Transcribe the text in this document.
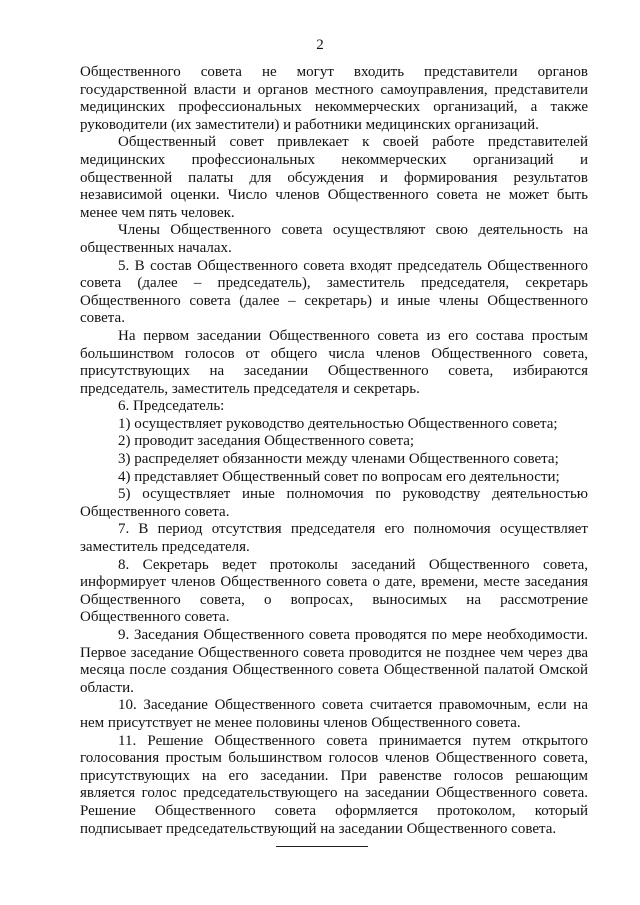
2

Общественного совета не могут входить представители органов государственной власти и органов местного самоуправления, представители медицинских профессиональных некоммерческих организаций, а также руководители (их заместители) и работники медицинских организаций.

Общественный совет привлекает к своей работе представителей медицинских профессиональных некоммерческих организаций и общественной палаты для обсуждения и формирования результатов независимой оценки. Число членов Общественного совета не может быть менее чем пять человек.

Члены Общественного совета осуществляют свою деятельность на общественных началах.

5. В состав Общественного совета входят председатель Общественного совета (далее – председатель), заместитель председателя, секретарь Общественного совета (далее – секретарь) и иные члены Общественного совета.

На первом заседании Общественного совета из его состава простым большинством голосов от общего числа членов Общественного совета, присутствующих на заседании Общественного совета, избираются председатель, заместитель председателя и секретарь.

6. Председатель:

1) осуществляет руководство деятельностью Общественного совета;

2) проводит заседания Общественного совета;

3) распределяет обязанности между членами Общественного совета;

4) представляет Общественный совет по вопросам его деятельности;

5) осуществляет иные полномочия по руководству деятельностью Общественного совета.

7. В период отсутствия председателя его полномочия осуществляет заместитель председателя.

8. Секретарь ведет протоколы заседаний Общественного совета, информирует членов Общественного совета о дате, времени, месте заседания Общественного совета, о вопросах, выносимых на рассмотрение Общественного совета.

9. Заседания Общественного совета проводятся по мере необходимости. Первое заседание Общественного совета проводится не позднее чем через два месяца после создания Общественного совета Общественной палатой Омской области.

10. Заседание Общественного совета считается правомочным, если на нем присутствует не менее половины членов Общественного совета.

11. Решение Общественного совета принимается путем открытого голосования простым большинством голосов членов Общественного совета, присутствующих на его заседании. При равенстве голосов решающим является голос председательствующего на заседании Общественного совета. Решение Общественного совета оформляется протоколом, который подписывает председательствующий на заседании Общественного совета.
